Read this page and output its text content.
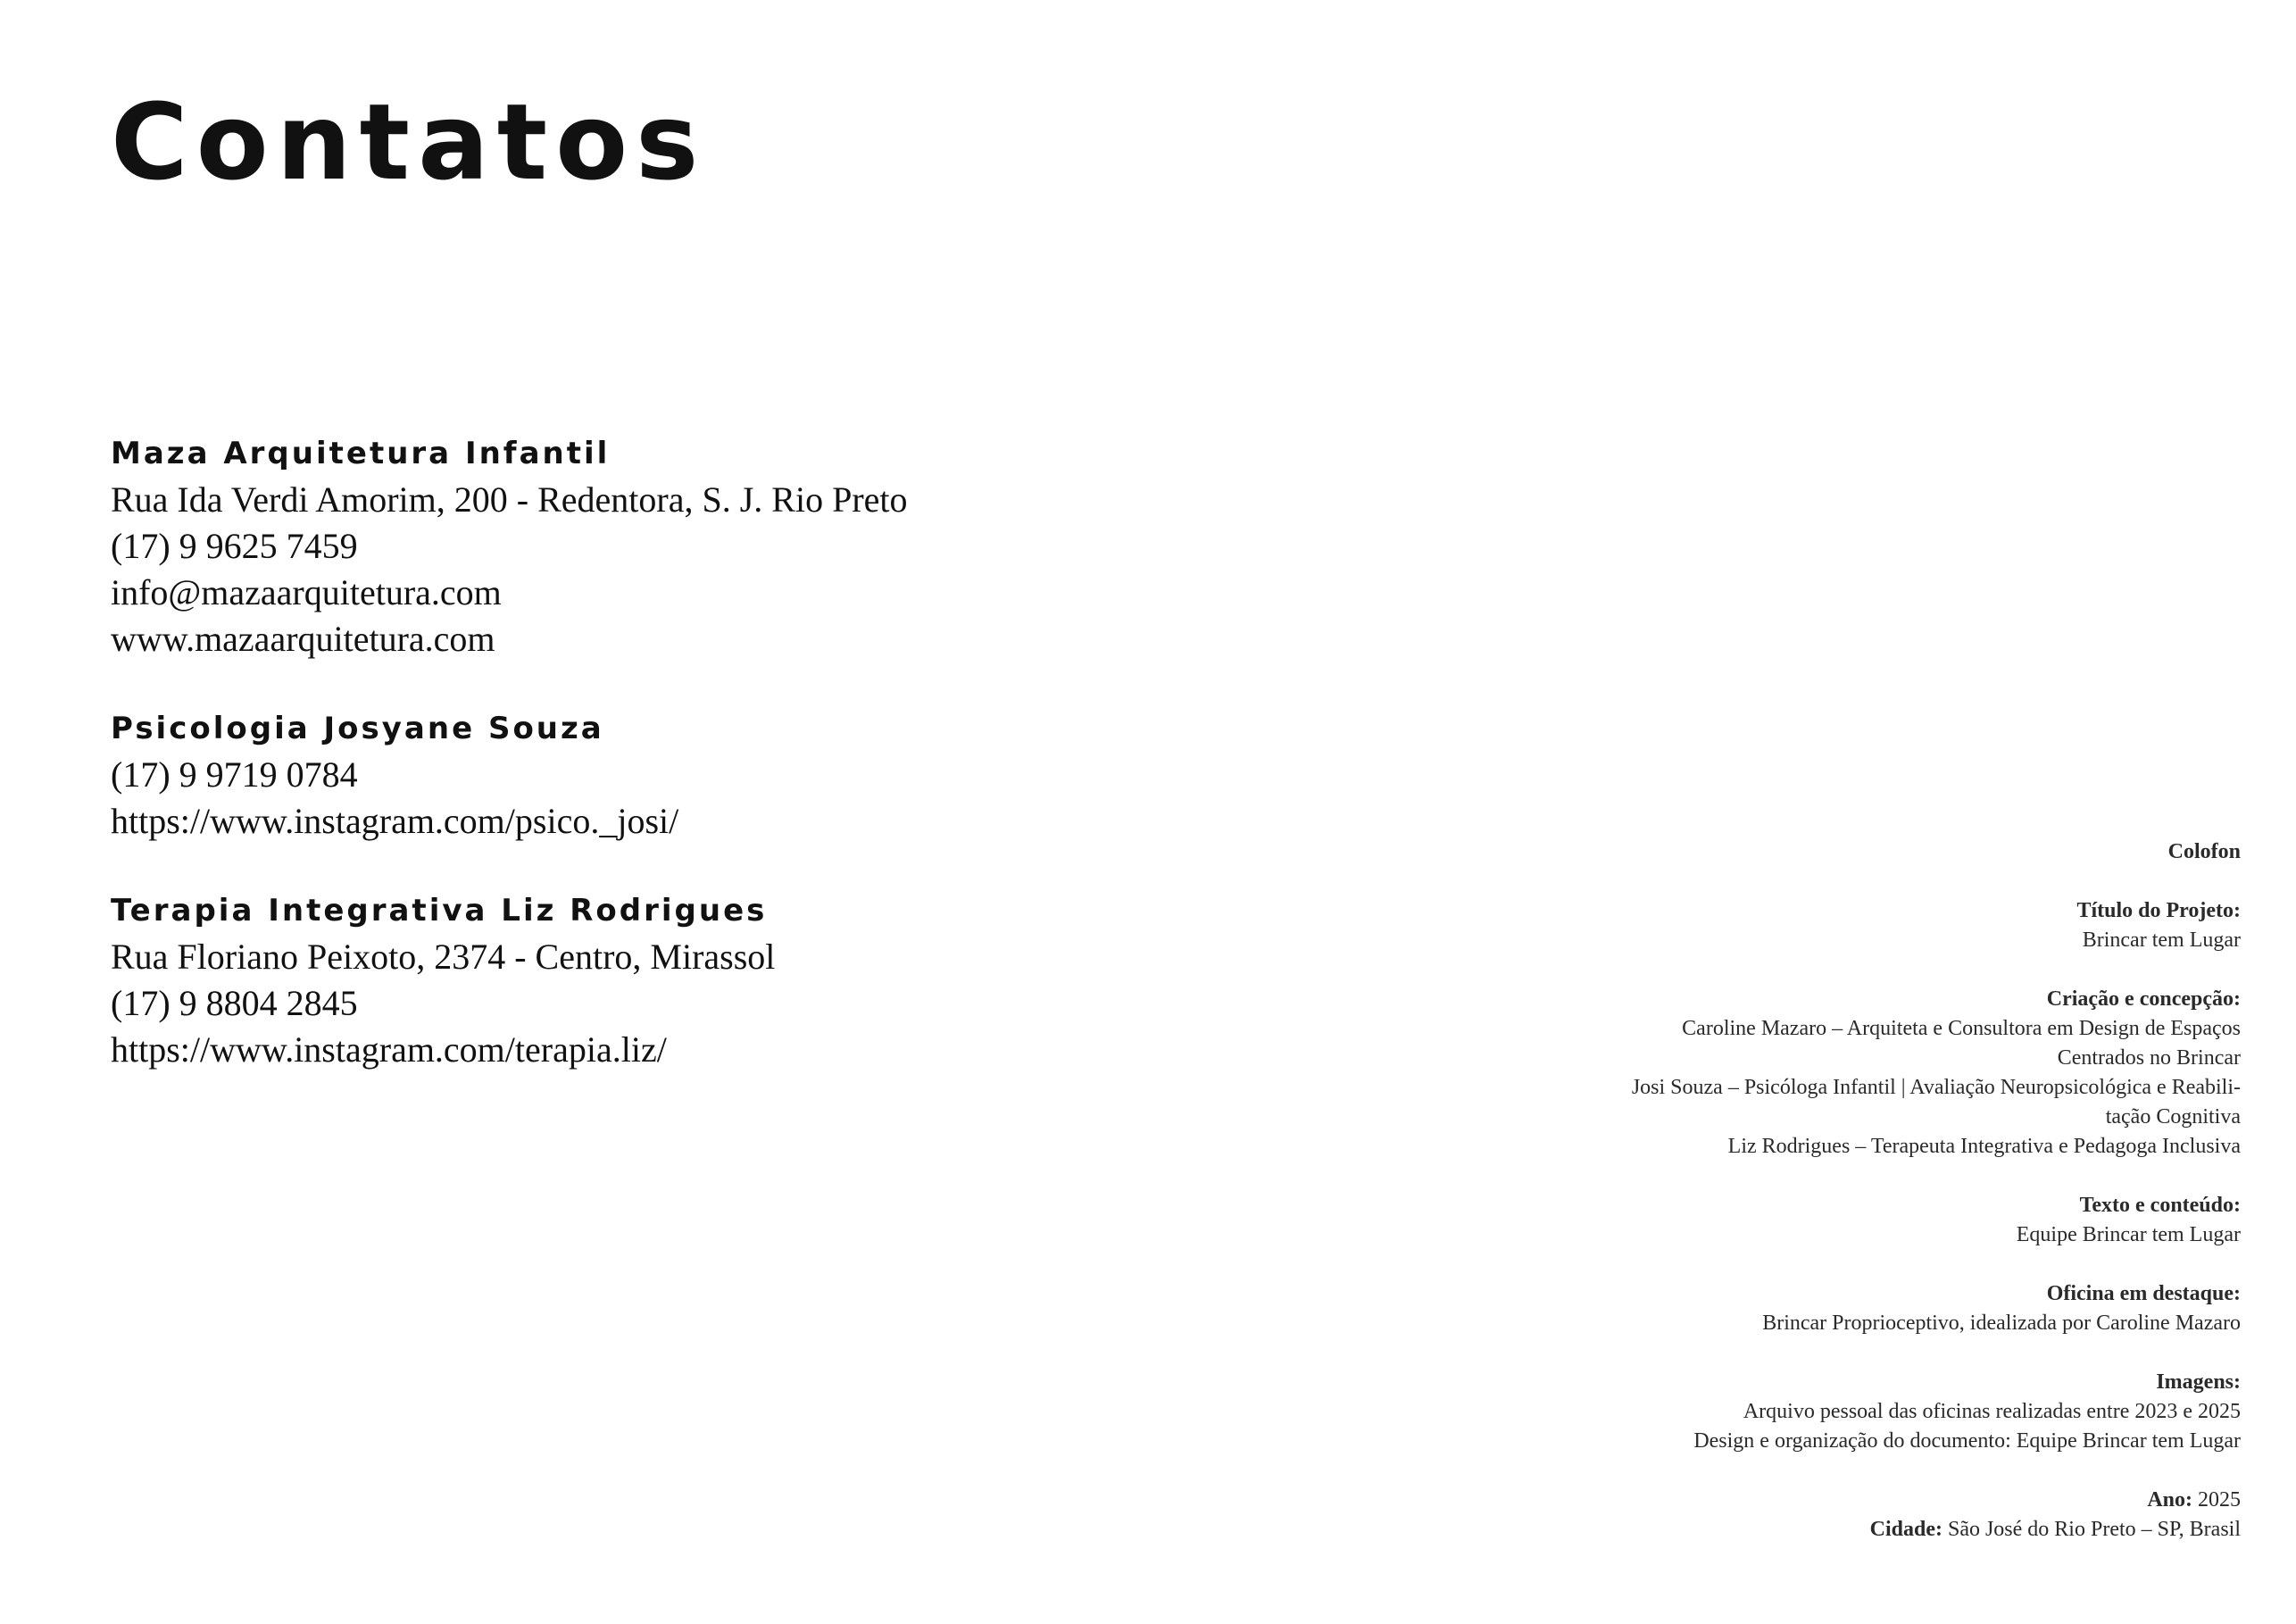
Contatos
Maza Arquitetura Infantil
Rua Ida Verdi Amorim, 200 - Redentora, S. J. Rio Preto
(17) 9 9625 7459
info@mazaarquitetura.com
www.mazaarquitetura.com
Psicologia Josyane Souza
(17) 9 9719 0784
https://www.instagram.com/psico._josi/
Terapia Integrativa Liz Rodrigues
Rua Floriano Peixoto, 2374 - Centro, Mirassol
(17) 9 8804 2845
https://www.instagram.com/terapia.liz/
Colofon
Título do Projeto:
Brincar tem Lugar
Criação e concepção:
Caroline Mazaro – Arquiteta e Consultora em Design de Espaços
Centrados no Brincar
Josi Souza – Psicóloga Infantil | Avaliação Neuropsicológica e Reabili-
tação Cognitiva
Liz Rodrigues – Terapeuta Integrativa e Pedagoga Inclusiva
Texto e conteúdo:
Equipe Brincar tem Lugar
Oficina em destaque:
Brincar Proprioceptivo, idealizada por Caroline Mazaro
Imagens:
Arquivo pessoal das oficinas realizadas entre 2023 e 2025
Design e organização do documento: Equipe Brincar tem Lugar
Ano: 2025
Cidade: São José do Rio Preto – SP, Brasil
